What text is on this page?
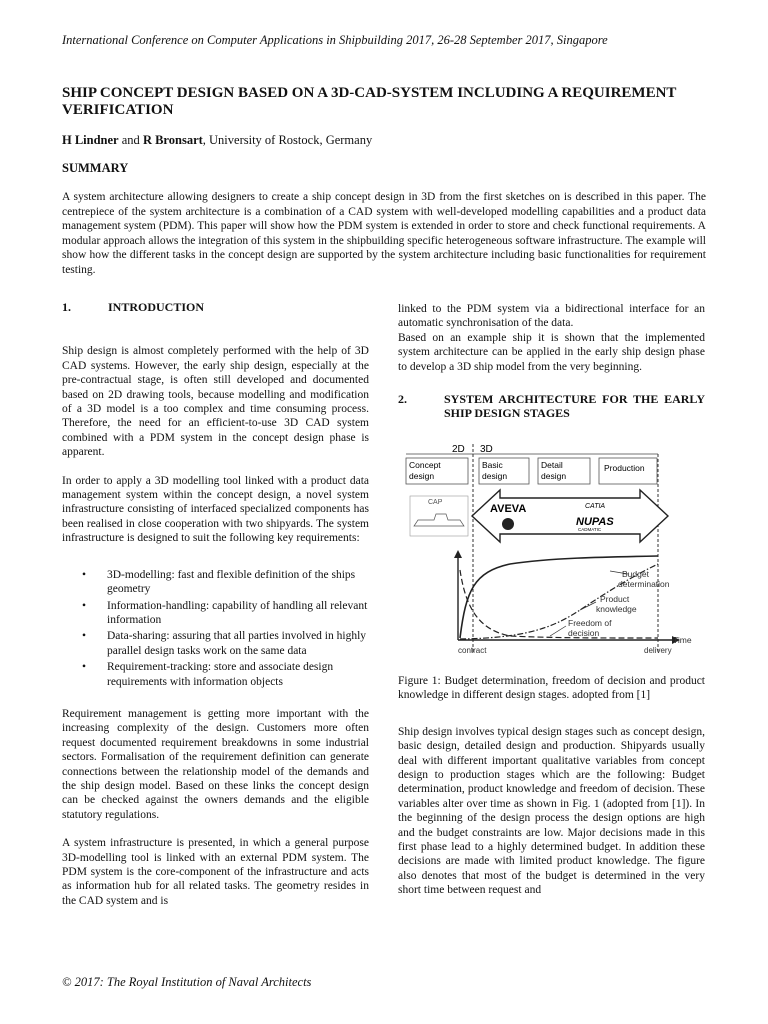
International Conference on Computer Applications in Shipbuilding 2017, 26-28 September 2017, Singapore
SHIP CONCEPT DESIGN BASED ON A 3D-CAD-SYSTEM INCLUDING A REQUIREMENT VERIFICATION
H Lindner and R Bronsart, University of Rostock, Germany
SUMMARY
A system architecture allowing designers to create a ship concept design in 3D from the first sketches on is described in this paper. The centrepiece of the system architecture is a combination of a CAD system with well-developed modelling capabilities and a product data management system (PDM). This paper will show how the PDM system is extended in order to store and check functional requirements. A modular approach allows the integration of this system in the shipbuilding specific heterogeneous software infrastructure. The example will show how the different tasks in the concept design are supported by the system architecture including basic functionalities for requirement testing.
1.	INTRODUCTION

Ship design is almost completely performed with the help of 3D CAD systems. However, the early ship design, especially at the pre-contractual stage, is often still developed and documented based on 2D drawing tools, because modelling and modification of a 3D model is a too complex and time consuming process. Therefore, the need for an efficient-to-use 3D CAD system combined with a PDM system in the concept design phase is apparent.

In order to apply a 3D modelling tool linked with a product data management system within the concept design, a novel system infrastructure consisting of interfaced specialized components has been realised in close cooperation with two shipyards. The system infrastructure is designed to suit the following key requirements:

• 3D-modelling: fast and flexible definition of the ships geometry
• Information-handling: capability of handling all relevant information
• Data-sharing: assuring that all parties involved in highly parallel design tasks work on the same data
• Requirement-tracking: store and associate design requirements with information objects

Requirement management is getting more important with the increasing complexity of the design. Customers more often request documented requirement breakdowns in some industrial sectors. Formalisation of the requirement definition can generate connections between the relationship model of the demands and the ship design model. Based on these links the concept design can be checked against the owners demands and the eligible statutory regulations.

A system infrastructure is presented, in which a general purpose 3D-modelling tool is linked with an external PDM system. The PDM system is the core-component of the infrastructure and acts as information hub for all related tasks. The geometry resides in the CAD system and is

linked to the PDM system via a bidirectional interface for an automatic synchronisation of the data.

Based on an example ship it is shown that the implemented system architecture can be applied in the early ship design phase to develop a 3D ship model from the very beginning.

2.	SYSTEM ARCHITECTURE FOR THE EARLY SHIP DESIGN STAGES
2D 3D
Concept
design
Basic
design
Detail
design
Production
CAP
AVEVA	CATIA
NUPAS
CADMATIC
Budget
determination
Product
knowledge
Freedom of
decision
Time
contract	delivery

Figure 1: Budget determination, freedom of decision and product knowledge in different design stages. adopted from [1]

Ship design involves typical design stages such as concept design, basic design, detailed design and production. Shipyards usually deal with different important qualitative variables from concept design to production stages which are the following: Budget determination, product knowledge and freedom of decision. These variables alter over time as shown in Fig. 1 (adopted from [1]). In the beginning of the design process the design options are high and the budget constraints are low. Major decisions made in this first phase lead to a highly determined budget. In addition these decisions are made with limited product knowledge. The figure also denotes that most of the budget is determined in the very short time between request and

© 2017: The Royal Institution of Naval Architects
